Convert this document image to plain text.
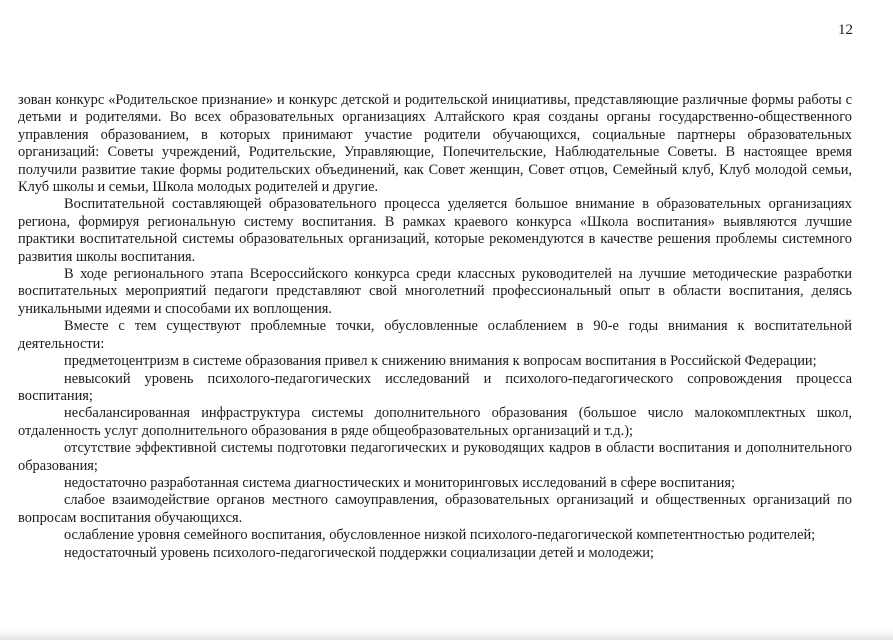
12

зован конкурс «Родительское признание» и конкурс детской и родительской инициативы, представляющие различные формы работы с детьми и родителями. Во всех образовательных организациях Алтайского края созданы органы государственно-общественного управления образованием, в которых принимают участие родители обучающихся, социальные партнеры образовательных организаций: Советы учреждений, Родительские, Управляющие, Попечительские, Наблюдательные Советы. В настоящее время получили развитие такие формы родительских объединений, как Совет женщин, Совет отцов, Семейный клуб, Клуб молодой семьи, Клуб школы и семьи, Школа молодых родителей и другие.

Воспитательной составляющей образовательного процесса уделяется большое внимание в образовательных организациях региона, формируя региональную систему воспитания. В рамках краевого конкурса «Школа воспитания» выявляются лучшие практики воспитательной системы образовательных организаций, которые рекомендуются в качестве решения проблемы системного развития школы воспитания.

В ходе регионального этапа Всероссийского конкурса среди классных руководителей на лучшие методические разработки воспитательных мероприятий педагоги представляют свой многолетний профессиональный опыт в области воспитания, делясь уникальными идеями и способами их воплощения.

Вместе с тем существуют проблемные точки, обусловленные ослаблением в 90-е годы внимания к воспитательной деятельности:

предметоцентризм в системе образования привел к снижению внимания к вопросам воспитания в Российской Федерации;

невысокий уровень психолого-педагогических исследований и психолого-педагогического сопровождения процесса воспитания;

несбалансированная инфраструктура системы дополнительного образования (большое число малокомплектных школ, отдаленность услуг дополнительного образования в ряде общеобразовательных организаций и т.д.);

отсутствие эффективной системы подготовки педагогических и руководящих кадров в области воспитания и дополнительного образования;

недостаточно разработанная система диагностических и мониторинговых исследований в сфере воспитания;

слабое взаимодействие органов местного самоуправления, образовательных организаций и общественных организаций по вопросам воспитания обучающихся.

ослабление уровня семейного воспитания, обусловленное низкой психолого-педагогической компетентностью родителей;

недостаточный уровень психолого-педагогической поддержки социализации детей и молодежи;
